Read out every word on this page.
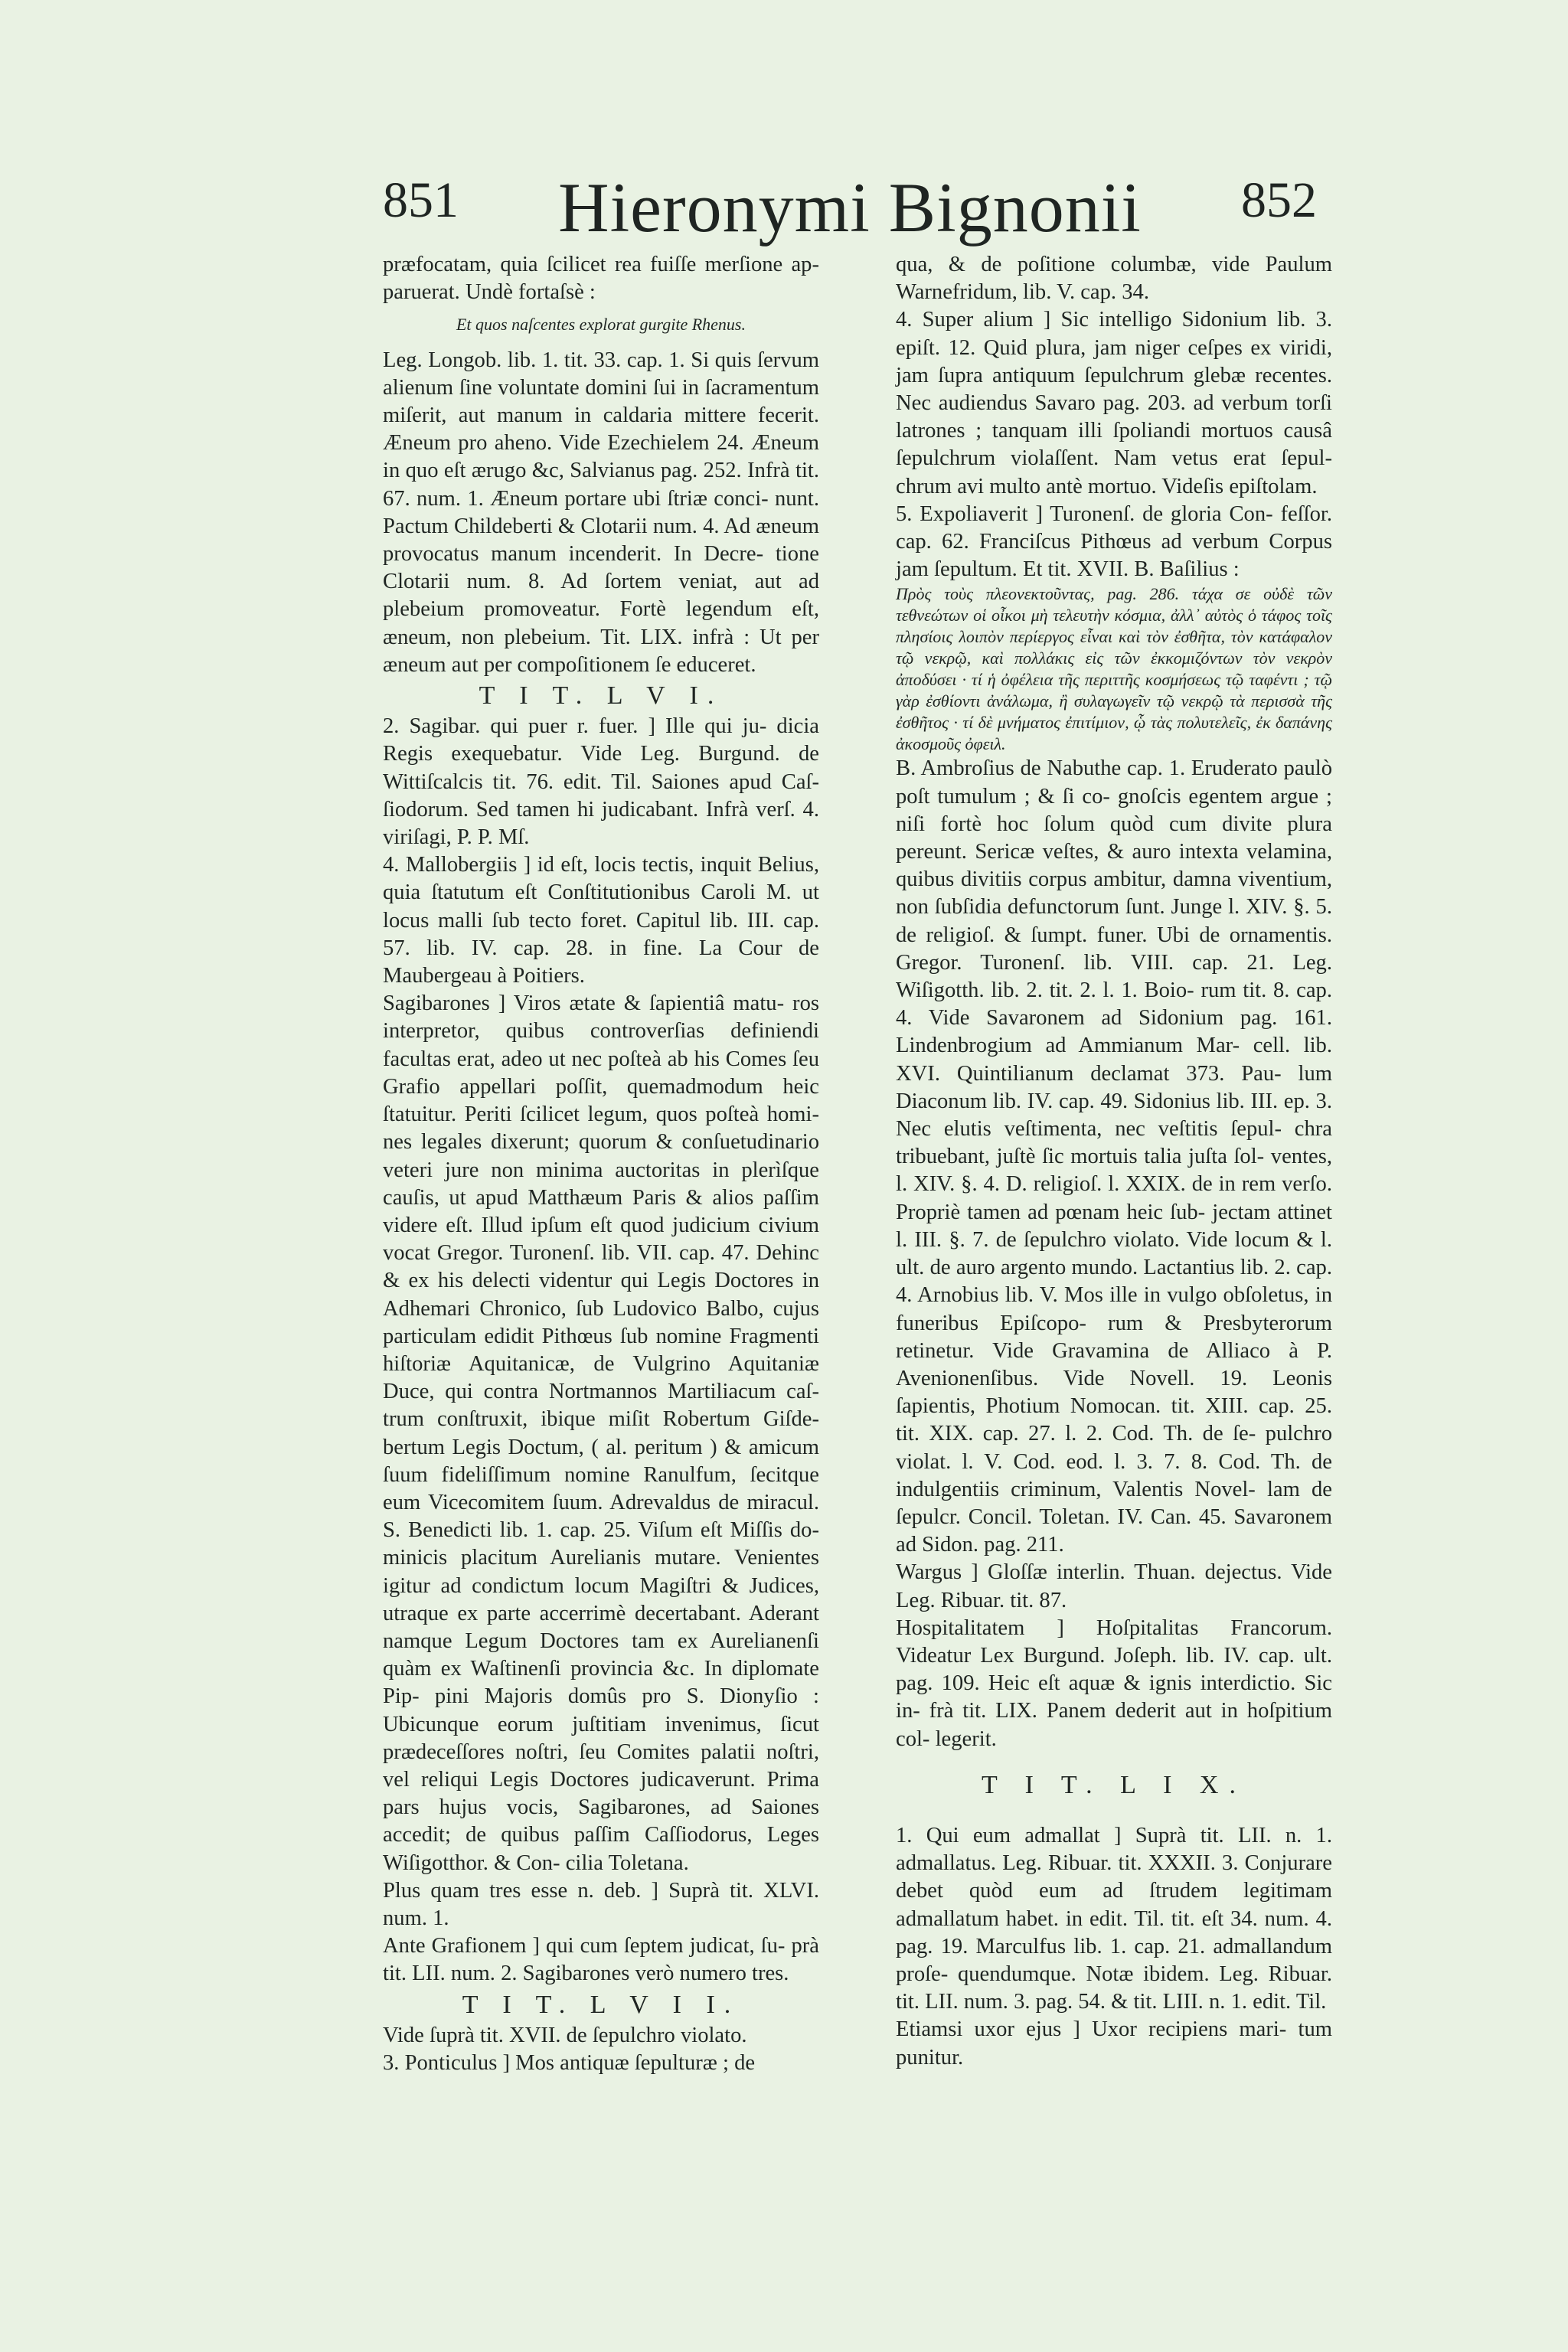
851	Hieronymi Bignonii	852

præfocatam, quia ſcilicet rea fuiſſe merſione ap- paruerat. Undè fortaſsè :

Et quos naſcentes explorat gurgite Rhenus.

Leg. Longob. lib. 1. tit. 33. cap. 1. Si quis ſervum alienum ſine voluntate domini ſui in ſacramentum miſerit, aut manum in caldaria mittere fecerit. Æneum pro aheno. Vide Ezechielem 24. Æneum in quo eſt ærugo &c, Salvianus pag. 252. Infrà tit. 67. num. 1. Æneum portare ubi ſtriæ conci- nunt. Pactum Childeberti & Clotarii num. 4. Ad æneum provocatus manum incenderit. In Decre- tione Clotarii num. 8. Ad ſortem veniat, aut ad plebeium promoveatur. Fortè legendum eſt, æneum, non plebeium. Tit. LIX. infrà : Ut per æneum aut per compoſitionem ſe educeret.

T I T. L V I.

2. Sagibar. qui puer r. fuer. ] Ille qui ju- dicia Regis exequebatur. Vide Leg. Burgund. de Wittiſcalcis tit. 76. edit. Til. Saiones apud Caſ- ſiodorum. Sed tamen hi judicabant. Infrà verſ. 4. viriſagi, P. P. Mſ.

4. Mallobergiis ] id eſt, locis tectis, inquit Belius, quia ſtatutum eſt Conſtitutionibus Caroli M. ut locus malli ſub tecto foret. Capitul lib. III. cap. 57. lib. IV. cap. 28. in fine. La Cour de Maubergeau à Poitiers.

Sagibarones ] Viros ætate & ſapientiâ matu- ros interpretor, quibus controverſias definiendi facultas erat, adeo ut nec poſteà ab his Comes ſeu Grafio appellari poſſit, quemadmodum heic ſtatuitur. Periti ſcilicet legum, quos poſteà homi- nes legales dixerunt; quorum & conſuetudinario veteri jure non minima auctoritas in plerìſque cauſis, ut apud Matthæum Paris & alios paſſim videre eſt. Illud ipſum eſt quod judicium civium vocat Gregor. Turonenſ. lib. VII. cap. 47. Dehinc & ex his delecti videntur qui Legis Doctores in Adhemari Chronico, ſub Ludovico Balbo, cujus particulam edidit Pithœus ſub nomine Fragmenti hiſtoriæ Aquitanicæ, de Vulgrino Aquitaniæ Duce, qui contra Nortmannos Martiliacum caſ- trum conſtruxit, ibique miſit Robertum Giſde- bertum Legis Doctum, ( al. peritum ) & amicum ſuum fideliſſimum nomine Ranulfum, ſecitque eum Vicecomitem ſuum. Adrevaldus de miracul. S. Benedicti lib. 1. cap. 25. Viſum eſt Miſſis do- minicis placitum Aurelianis mutare. Venientes igitur ad condictum locum Magiſtri & Judices, utraque ex parte accerrimè decertabant. Aderant namque Legum Doctores tam ex Aurelianenſi quàm ex Waſtinenſi provincia &c. In diplomate Pip- pini Majoris domûs pro S. Dionyſio : Ubicunque eorum juſtitiam invenimus, ſicut prædeceſſores noſtri, ſeu Comites palatii noſtri, vel reliqui Legis Doctores judicaverunt. Prima pars hujus vocis, Sagibarones, ad Saiones accedit; de quibus paſſim Caſſiodorus, Leges Wiſigotthor. & Con- cilia Toletana.

Plus quam tres esse n. deb. ] Suprà tit. XLVI. num. 1.

Ante Grafionem ] qui cum ſeptem judicat, ſu- prà tit. LII. num. 2. Sagibarones verò numero tres.

T I T. L V I I.

Vide ſuprà tit. XVII. de ſepulchro violato.

3. Ponticulus ] Mos antiquæ ſepulturæ ; de

qua, & de poſitione columbæ, vide Paulum Warnefridum, lib. V. cap. 34.

4. Super alium ] Sic intelligo Sidonium lib. 3. epiſt. 12. Quid plura, jam niger ceſpes ex viridi, jam ſupra antiquum ſepulchrum glebæ recentes. Nec audiendus Savaro pag. 203. ad verbum torſi latrones ; tanquam illi ſpoliandi mortuos causâ ſepulchrum violaſſent. Nam vetus erat ſepul- chrum avi multo antè mortuo. Videſis epiſtolam.

5. Expoliaverit ] Turonenſ. de gloria Con- feſſor. cap. 62. Franciſcus Pithœus ad verbum Corpus jam ſepultum. Et tit. XVII. B. Baſilius :

Πρὸς τοὺς πλεονεκτοῦντας, pag. 286. τάχα σε οὐδὲ τῶν τεθνεώτων οἱ οἶκοι μὴ τελευτὴν κόσμια, ἀλλ᾽ αὐτὸς ὁ τάφος τοῖς πλησίοις λοιπὸν περίεργος εἶναι καὶ τὸν ἐσθῆτα, τὸν κατάφαλον τῷ νεκρῷ, καὶ πολλάκις εἰς τῶν ἐκκομιζόντων τὸν νεκρὸν ἀποδύσει · τί ἡ ὀφέλεια τῆς περιττῆς κοσμήσεως τῷ ταφέντι ; τῷ γὰρ ἐσθίοντι ἀνάλωμα, ἢ συλαγωγεῖν τῷ νεκρῷ τὰ περισσὰ τῆς ἐσθῆτος · τί δὲ μνήματος ἐπιτίμιον, ᾧ τὰς πολυτελεῖς, ἐκ δαπάνης ἀκοσμοῦς ὀφειλ.

B. Ambroſius de Nabuthe cap. 1. Eruderato paulò poſt tumulum ; & ſi co- gnoſcis egentem argue ; niſi fortè hoc ſolum quòd cum divite plura pereunt. Sericæ veſtes, & auro intexta velamina, quibus divitiis corpus ambitur, damna viventium, non ſubſidia defunctorum ſunt. Junge l. XIV. §. 5. de religioſ. & ſumpt. funer. Ubi de ornamentis. Gregor. Turonenſ. lib. VIII. cap. 21. Leg. Wiſigotth. lib. 2. tit. 2. l. 1. Boio- rum tit. 8. cap. 4. Vide Savaronem ad Sidonium pag. 161. Lindenbrogium ad Ammianum Mar- cell. lib. XVI. Quintilianum declamat 373. Pau- lum Diaconum lib. IV. cap. 49. Sidonius lib. III. ep. 3. Nec elutis veſtimenta, nec veſtitis ſepul- chra tribuebant, juſtè ſic mortuis talia juſta ſol- ventes, l. XIV. §. 4. D. religioſ. l. XXIX. de in rem verſo. Propriè tamen ad pœnam heic ſub- jectam attinet l. III. §. 7. de ſepulchro violato. Vide locum & l. ult. de auro argento mundo. Lactantius lib. 2. cap. 4. Arnobius lib. V. Mos ille in vulgo obſoletus, in funeribus Epiſcopo- rum & Presbyterorum retinetur. Vide Gravamina de Alliaco à P. Avenionenſibus. Vide Novell. 19. Leonis ſapientis, Photium Nomocan. tit. XIII. cap. 25. tit. XIX. cap. 27. l. 2. Cod. Th. de ſe- pulchro violat. l. V. Cod. eod. l. 3. 7. 8. Cod. Th. de indulgentiis criminum, Valentis Novel- lam de ſepulcr. Concil. Toletan. IV. Can. 45. Savaronem ad Sidon. pag. 211.

Wargus ] Gloſſæ interlin. Thuan. dejectus. Vide Leg. Ribuar. tit. 87.

Hospitalitatem ] Hoſpitalitas Francorum. Videatur Lex Burgund. Joſeph. lib. IV. cap. ult. pag. 109. Heic eſt aquæ & ignis interdictio. Sic in- frà tit. LIX. Panem dederit aut in hoſpitium col- legerit.

T I T. L I X.

1. Qui eum admallat ] Suprà tit. LII. n. 1. admallatus. Leg. Ribuar. tit. XXXII. 3. Conjurare debet quòd eum ad ſtrudem legitimam admallatum habet. in edit. Til. tit. eſt 34. num. 4. pag. 19. Marculfus lib. 1. cap. 21. admallandum proſe- quendumque. Notæ ibidem. Leg. Ribuar. tit. LII. num. 3. pag. 54. & tit. LIII. n. 1. edit. Til.

Etiamsi uxor ejus ] Uxor recipiens mari- tum punitur.
